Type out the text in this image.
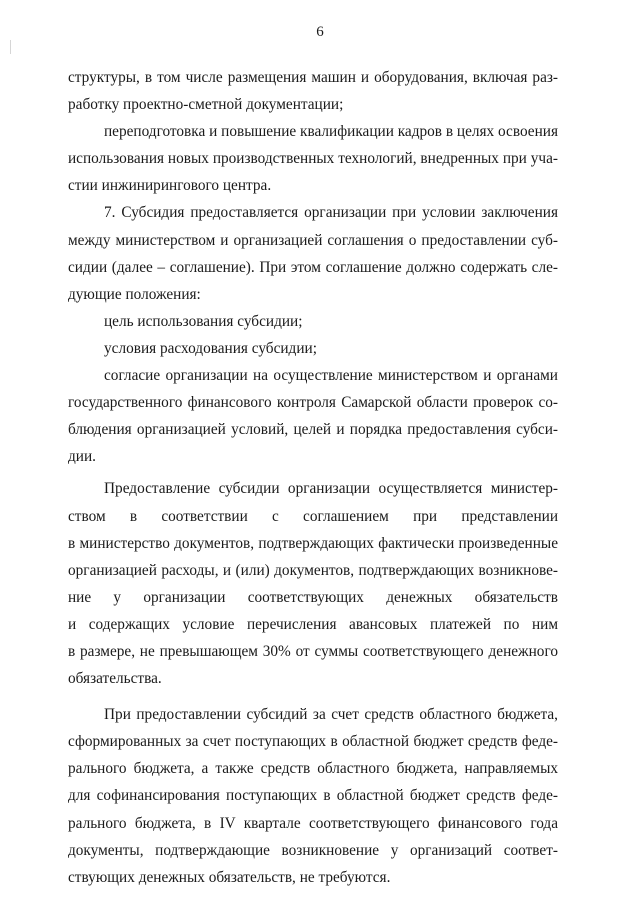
6
структуры, в том числе размещения машин и оборудования, включая раз-
работку проектно-сметной документации;
переподготовка и повышение квалификации кадров в целях освоения
использования новых производственных технологий, внедренных при уча-
стии инжинирингового центра.
7. Субсидия предоставляется организации при условии заключения
между министерством и организацией соглашения о предоставлении суб-
сидии (далее – соглашение). При этом соглашение должно содержать сле-
дующие положения:
цель использования субсидии;
условия расходования субсидии;
согласие организации на осуществление министерством и органами
государственного финансового контроля Самарской области проверок со-
блюдения организацией условий, целей и порядка предоставления субси-
дии.
Предоставление субсидии организации осуществляется министер-
ством в соответствии с соглашением при представлении
в министерство документов, подтверждающих фактически произведенные
организацией расходы, и (или) документов, подтверждающих возникнове-
ние у организации соответствующих денежных обязательств
и содержащих условие перечисления авансовых платежей по ним
в размере, не превышающем 30% от суммы соответствующего денежного
обязательства.
При предоставлении субсидий за счет средств областного бюджета,
сформированных за счет поступающих в областной бюджет средств феде-
рального бюджета, а также средств областного бюджета, направляемых
для софинансирования поступающих в областной бюджет средств феде-
рального бюджета, в IV квартале соответствующего финансового года
документы, подтверждающие возникновение у организаций соответ-
ствующих денежных обязательств, не требуются.
